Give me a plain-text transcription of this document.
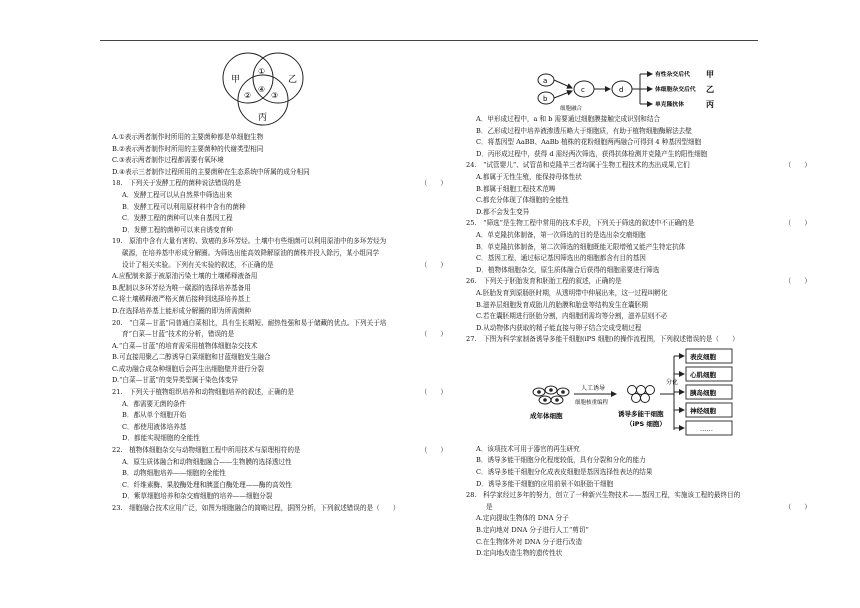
甲	乙
丙
①
②
④
③
A.①表示两者制作时所用的主要菌种都是单细胞生物
B.②表示两者制作时所用的主要菌种的代谢类型相同
C.③表示两者制作过程都需要有氧环境
D.④表示三者制作过程所用的主要菌种在生态系统中所属的成分相同
18.　下列关于发酵工程的菌种说法错误的是	（　　）
A．发酵工程可以从自然界中筛选出来
B．发酵工程可以利用原材料中含有的菌种
C．发酵工程的菌种可以来自基因工程
D．发酵工程的菌种可以来自诱变育种
19.　原油中含有大量有害的、致癌的多环芳烃。土壤中有些细菌可以利用原油中的多环芳烃为
碳源，在培养基中形成分解圈。为筛选出能高效降解原油的菌株并投入除污，某小组同学
设计了相关实验。下列有关实验的叙述，不正确的是	（　　）
A.应配制来源于被原油污染土壤的土壤稀释液备用
B.配制以多环芳烃为唯一碳源的选择培养基备用
C.将土壤稀释液严格灭菌后接种到选择培养基上
D.在选择培养基上能形成分解圈的即为所需菌种
20.　“白菜—甘蓝”同普通白菜相比，具有生长期短、耐热性强和易于储藏的优点。下列关于培
育“白菜—甘蓝”技术的分析，错误的是	（　　）
A.“白菜—甘蓝”的培育需采用植物体细胞杂交技术
B.可直接用聚乙二醇诱导白菜细胞和甘蓝细胞发生融合
C.成功融合成杂种细胞后会再生出细胞壁并进行分裂
D.“白菜—甘蓝”的变异类型属于染色体变异
21.　下列关于植物组织培养和动物细胞培养的叙述，正确的是	（　　）
A．都需要无菌的条件
B．都从单个细胞开始
C．都使用液体培养基
D．都能实现细胞的全能性
22.　植物体细胞杂交与动物细胞工程中所用技术与原理相符的是	（　　）
A．原生质体融合和动物细胞融合——生物膜的选择透过性
B．动物细胞培养——细胞的全能性
C．纤维素酶、果胶酶处理和胰蛋白酶处理——酶的高效性
D．紫草细胞培养和杂交瘤细胞的培养——细胞分裂
23.　细胞融合技术应用广泛，如图为细胞融合的简略过程，据图分析，下列叙述错误的是（　　）
a
b
c	d
细胞融合
有性杂交后代
体细胞杂交后代
单克隆抗体
甲
乙
丙
A．甲形成过程中，a 和 b 需要通过细胞膜接触完成识别和结合
B．乙形成过程中培养液渗透压略大于细胞质，有助于植物细胞酶解法去壁
C．将基因型 AaBB、AaBb 植株的花粉细胞两两融合可得到 4 种基因型细胞
D．丙形成过程中，获得 d 需经两次筛选，获得抗体检测并克隆产生的阳性细胞
24.　“试管婴儿”、试管苗和克隆羊三者均属于生物工程技术的杰出成果,它们	（　　）
A.都属于无性生殖，能保持母体性状
B.都属于细胞工程技术范畴
C.都充分体现了体细胞的全能性
D.都不会发生变异
25.　“筛选”是生物工程中常用的技术手段，下列关于筛选的叙述中不正确的是	（　　）
A．单克隆抗体制备，第一次筛选的目的是选出杂交瘤细胞
B．单克隆抗体制备，第二次筛选的细胞既能无限增殖又能产生特定抗体
C．基因工程，通过标记基因筛选出的细胞都含有目的基因
D．植物体细胞杂交，原生质体融合后获得的细胞需要进行筛选
26.　下列关于胚胎发育和胚胎工程的叙述，正确的是	（　　）
A.胚胎发育到原肠胚时期，从透明带中伸展出来，这一过程叫孵化
B.滋养层细胞发育成胎儿的胎膜和胎盘等结构发生在囊胚期
C.若在囊胚期进行胚胎分割，内细胞团需均等分割，滋养层则不必
D.从动物体内获取的精子能直接与卵子结合完成受精过程
27.　下图为科学家制备诱导多能干细胞(iPS 细胞)的操作流程图，下列叙述错误的是（　　）
成年体细胞
人工诱导
细胞核重编程
诱导多能干细胞
（iPS 细胞）
分化
表皮细胞
心肌细胞
胰岛细胞
神经细胞
……
A．该项技术可用于器官的再生研究
B．诱导多能干细胞分化程度较低，具有分裂和分化的能力
C．诱导多能干细胞分化成表皮细胞是基因选择性表达的结果
D．诱导多能干细胞的应用前景不如胚胎干细胞
28.　科学家经过多年的努力，创立了一种新兴生物技术——基因工程，实施该工程的最终目的
是	（　　）
A.定向提取生物体的 DNA 分子
B.定向地对 DNA 分子进行人工“剪切”
C.在生物体外对 DNA 分子进行改造
D.定向地改造生物的遗传性状
